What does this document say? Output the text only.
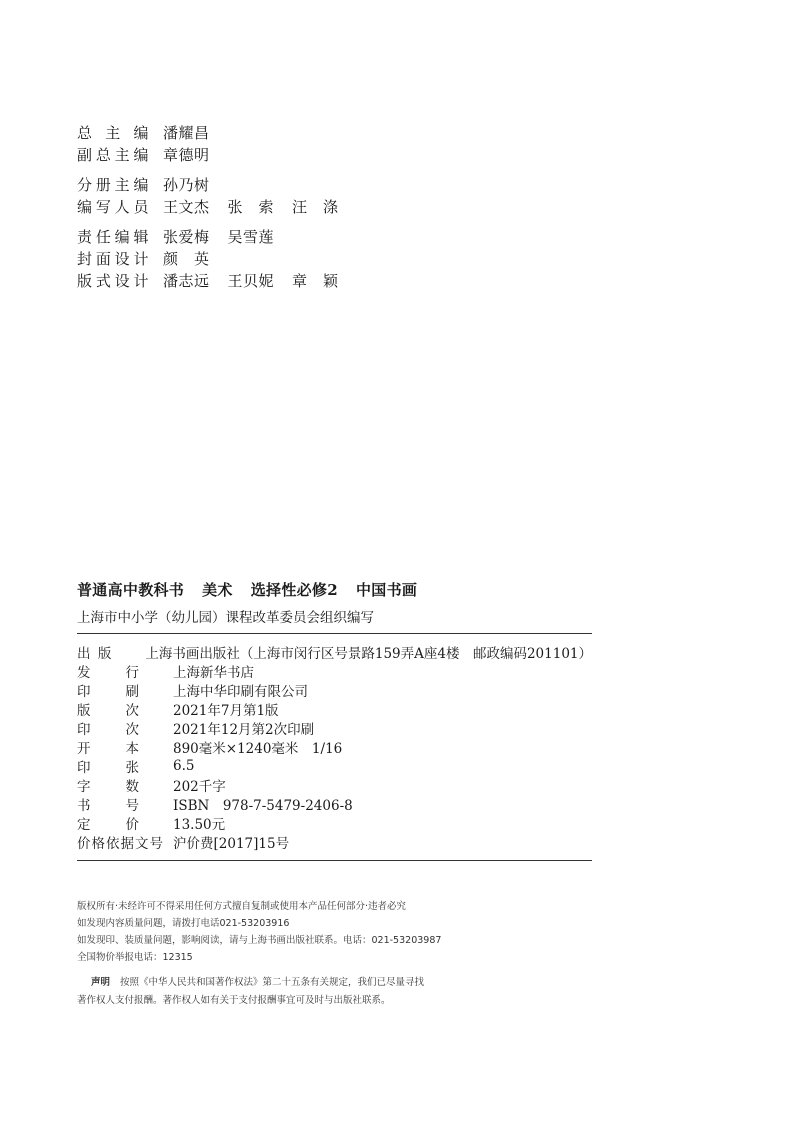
总 主 编 潘耀昌
副 总 主 编 章德明
分 册 主 编 孙乃树
编 写 人 员 王文杰 张　索 汪　涤
责 任 编 辑 张爱梅 吴雪莲
封 面 设 计 颜　英
版 式 设 计 潘志远 王贝妮 章　颖
普通高中教科书 美术 选择性必修2 中国书画
上海市中小学（幼儿园）课程改革委员会组织编写
出 版	上海书画出版社（上海市闵行区号景路159弄A座4楼　邮政编码201101）
发	行	上海新华书店
印	刷	上海中华印刷有限公司
版	次	2021年7月第1版
印	次	2021年12月第2次印刷
开	本	890毫米×1240毫米　1/16
印	张	6.5
字	数	202千字
书	号	ISBN　978-7-5479-2406-8
定	价	13.50元
价 格 依 据 文 号 沪价费[2017]15号
版权所有·未经许可不得采用任何方式擅自复制或使用本产品任何部分·违者必究
如发现内容质量问题，请拨打电话021-53203916
如发现印、装质量问题，影响阅读，请与上海书画出版社联系。电话：021-53203987
全国物价举报电话：12315
声明 按照《中华人民共和国著作权法》第二十五条有关规定，我们已尽量寻找
著作权人支付报酬。著作权人如有关于支付报酬事宜可及时与出版社联系。
